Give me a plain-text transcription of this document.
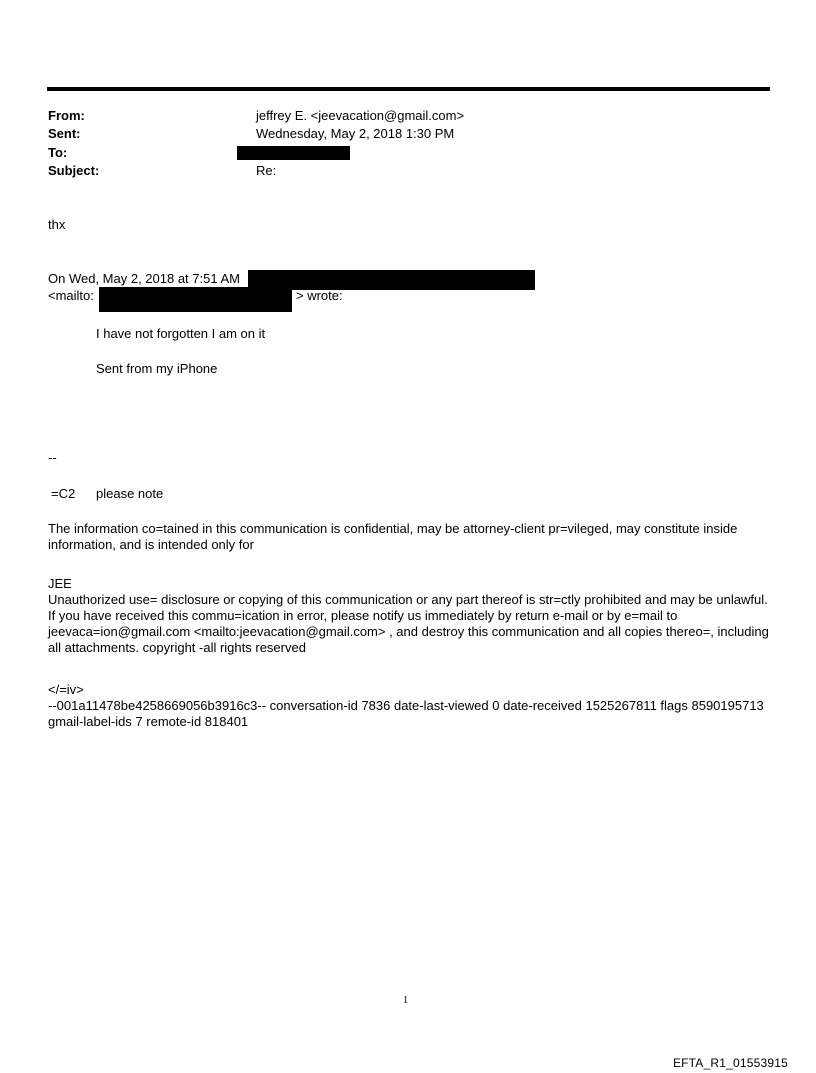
From:	jeffrey E. <jeevacation@gmail.com>
Sent:	Wednesday, May 2, 2018 1:30 PM
To:
Subject:	Re:
thx
On Wed, May 2, 2018 at 7:51 AM
<mailto:	> wrote:
I have not forgotten I am on it
Sent from my iPhone
--
=C2 please note
The information co=tained in this communication is confidential, may be attorney-client pr=vileged, may constitute inside information, and is intended only for
JEE
Unauthorized use= disclosure or copying of this communication or any part thereof is str=ctly prohibited and may be unlawful. If you have received this commu=ication in error, please notify us immediately by return e-mail or by e=mail to jeevaca=ion@gmail.com <mailto:jeevacation@gmail.com> , and destroy this communication and all copies thereo=, including all attachments. copyright -all rights reserved
</=iv>
--001a11478be4258669056b3916c3-- conversation-id 7836 date-last-viewed 0 date-received 1525267811 flags 8590195713 gmail-label-ids 7 remote-id 818401
1
EFTA_R1_01553915
